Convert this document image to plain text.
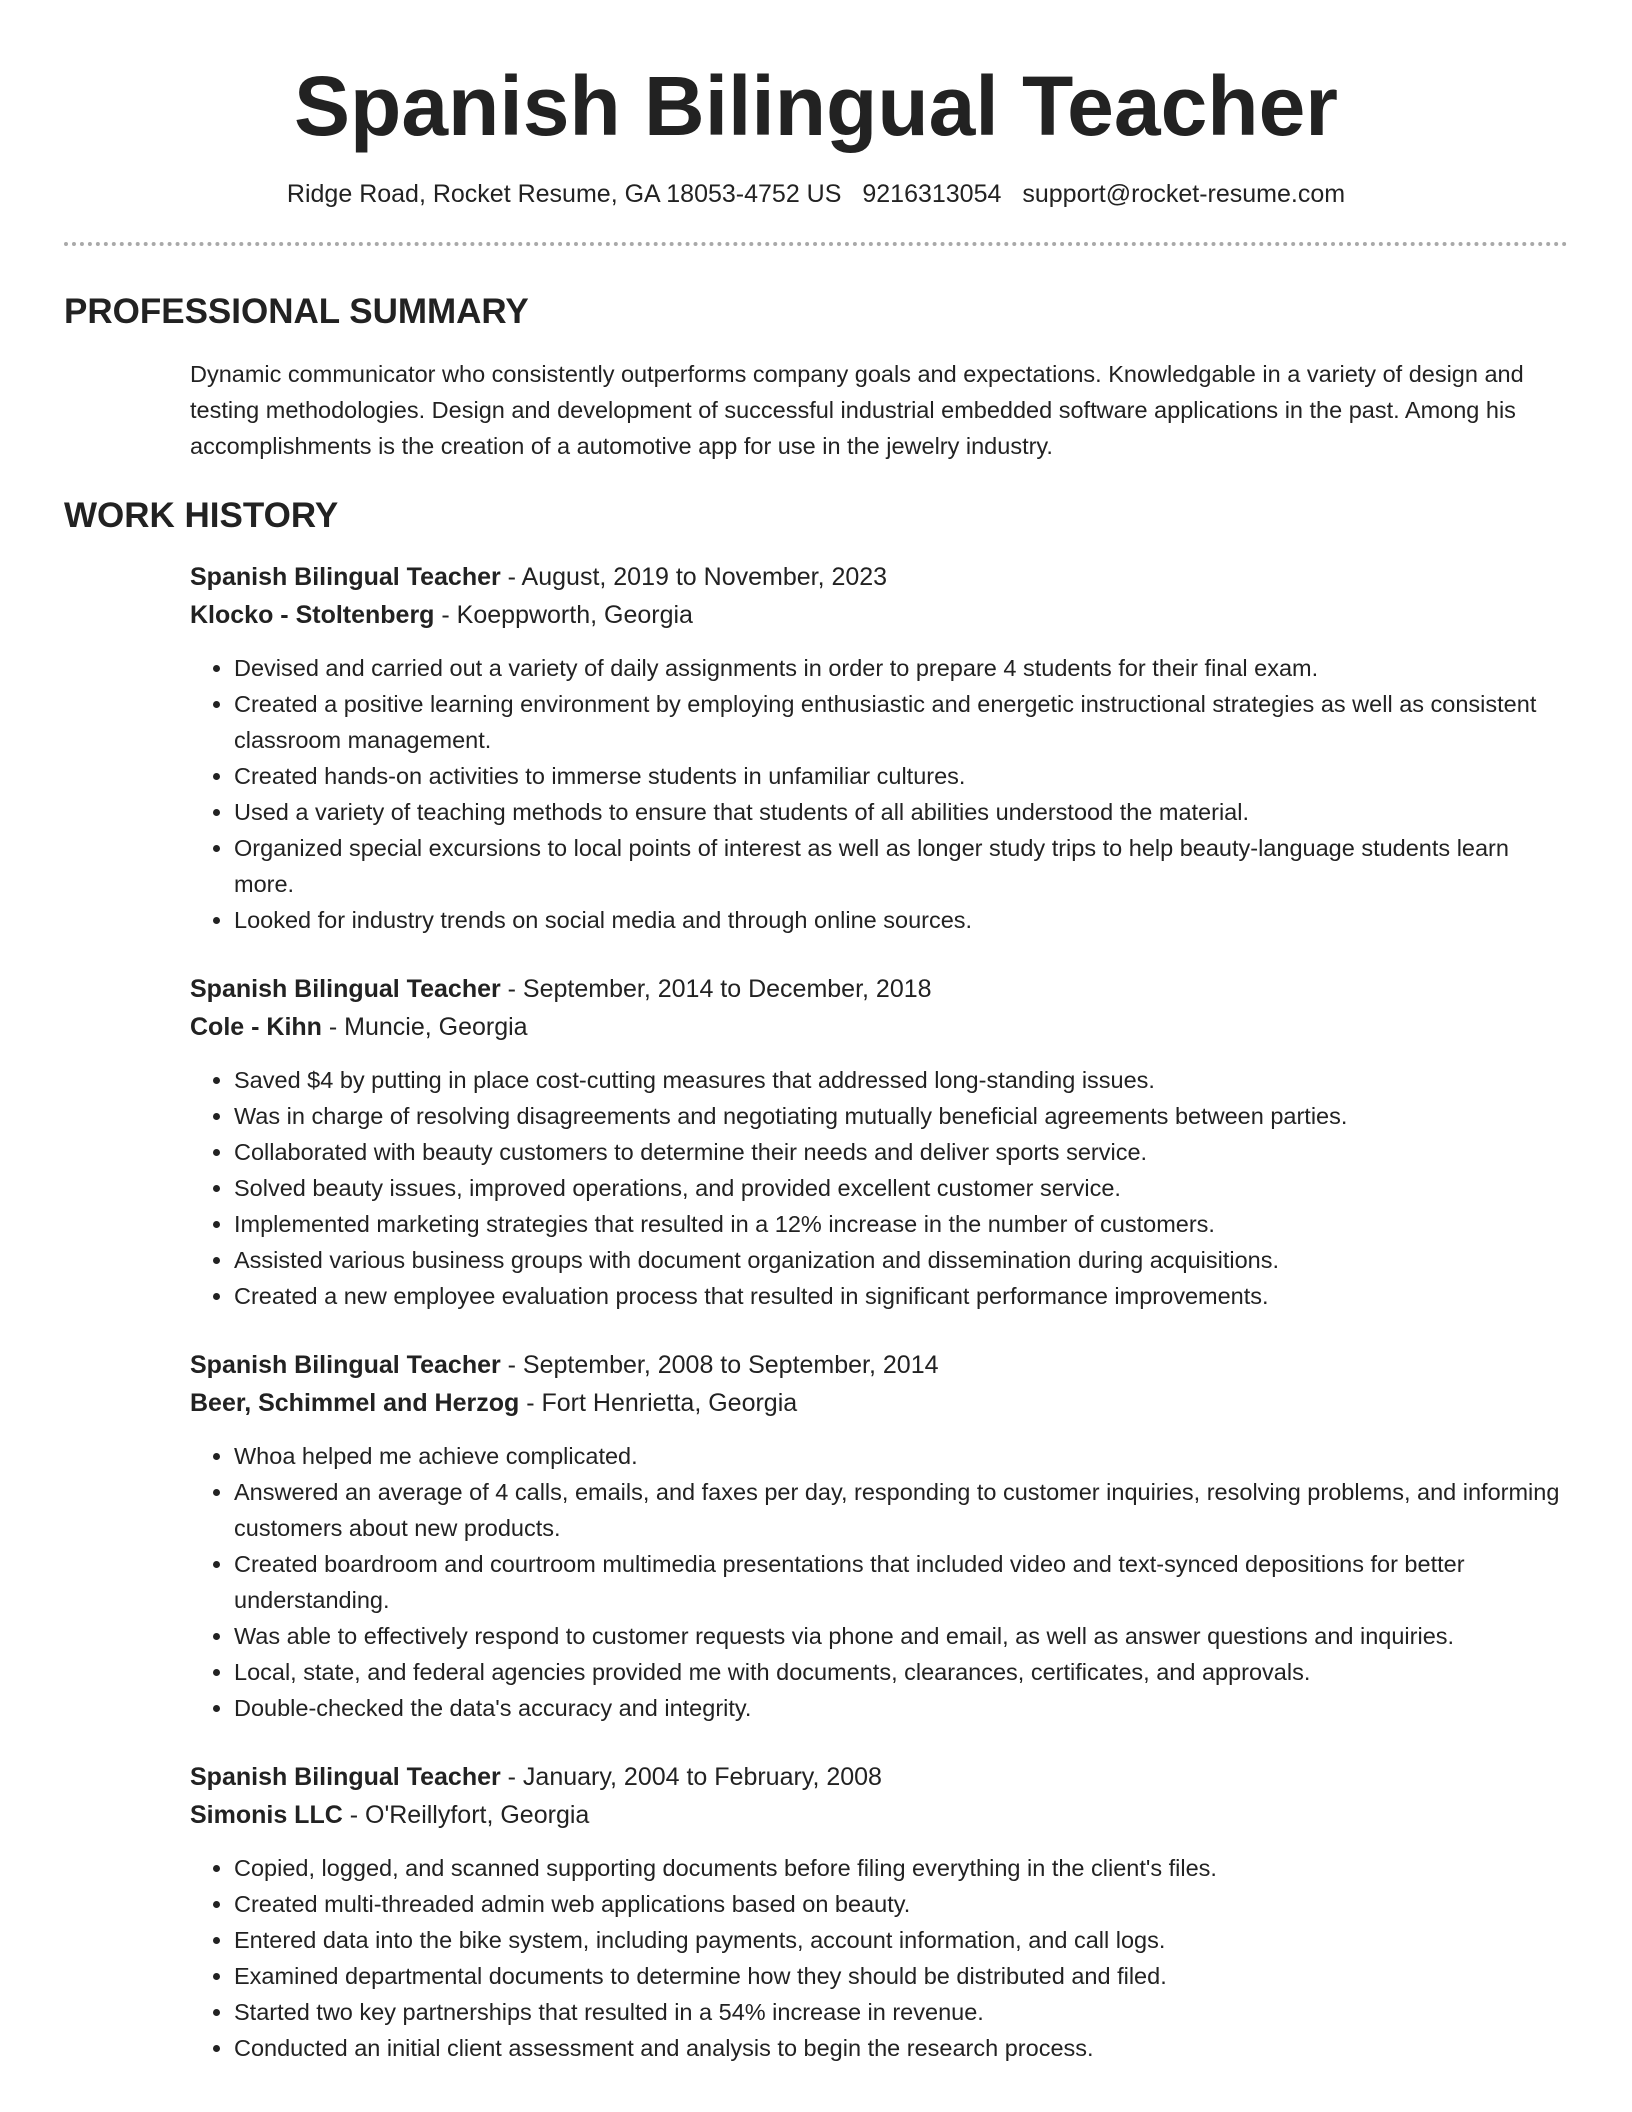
Spanish Bilingual Teacher
Ridge Road, Rocket Resume, GA 18053-4752 US 9216313054 support@rocket-resume.com
PROFESSIONAL SUMMARY

Dynamic communicator who consistently outperforms company goals and expectations. Knowledgable in a variety of design and testing methodologies. Design and development of successful industrial embedded software applications in the past. Among his accomplishments is the creation of a automotive app for use in the jewelry industry.

WORK HISTORY
Spanish Bilingual Teacher - August, 2019 to November, 2023
Klocko - Stoltenberg - Koeppworth, Georgia
• Devised and carried out a variety of daily assignments in order to prepare 4 students for their final exam.
• Created a positive learning environment by employing enthusiastic and energetic instructional strategies as well as consistent classroom management.
• Created hands-on activities to immerse students in unfamiliar cultures.
• Used a variety of teaching methods to ensure that students of all abilities understood the material.
• Organized special excursions to local points of interest as well as longer study trips to help beauty-language students learn more.
• Looked for industry trends on social media and through online sources.
Spanish Bilingual Teacher - September, 2014 to December, 2018
Cole - Kihn - Muncie, Georgia
• Saved $4 by putting in place cost-cutting measures that addressed long-standing issues.
• Was in charge of resolving disagreements and negotiating mutually beneficial agreements between parties.
• Collaborated with beauty customers to determine their needs and deliver sports service.
• Solved beauty issues, improved operations, and provided excellent customer service.
• Implemented marketing strategies that resulted in a 12% increase in the number of customers.
• Assisted various business groups with document organization and dissemination during acquisitions.
• Created a new employee evaluation process that resulted in significant performance improvements.
Spanish Bilingual Teacher - September, 2008 to September, 2014
Beer, Schimmel and Herzog - Fort Henrietta, Georgia
• Whoa helped me achieve complicated.
• Answered an average of 4 calls, emails, and faxes per day, responding to customer inquiries, resolving problems, and informing customers about new products.
• Created boardroom and courtroom multimedia presentations that included video and text-synced depositions for better understanding.
• Was able to effectively respond to customer requests via phone and email, as well as answer questions and inquiries.
• Local, state, and federal agencies provided me with documents, clearances, certificates, and approvals.
• Double-checked the data's accuracy and integrity.
Spanish Bilingual Teacher - January, 2004 to February, 2008
Simonis LLC - O'Reillyfort, Georgia
• Copied, logged, and scanned supporting documents before filing everything in the client's files.
• Created multi-threaded admin web applications based on beauty.
• Entered data into the bike system, including payments, account information, and call logs.
• Examined departmental documents to determine how they should be distributed and filed.
• Started two key partnerships that resulted in a 54% increase in revenue.
• Conducted an initial client assessment and analysis to begin the research process.
